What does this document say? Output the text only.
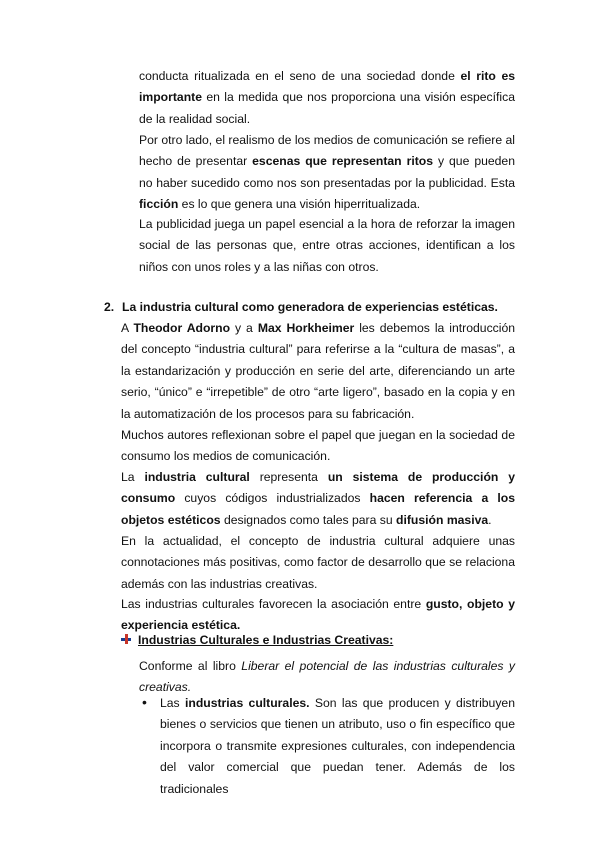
conducta ritualizada en el seno de una sociedad donde el rito es importante en la medida que nos proporciona una visión específica de la realidad social.

Por otro lado, el realismo de los medios de comunicación se refiere al hecho de presentar escenas que representan ritos y que pueden no haber sucedido como nos son presentadas por la publicidad. Esta ficción es lo que genera una visión hiperritualizada.

La publicidad juega un papel esencial a la hora de reforzar la imagen social de las personas que, entre otras acciones, identifican a los niños con unos roles y a las niñas con otros.

2. La industria cultural como generadora de experiencias estéticas.

A Theodor Adorno y a Max Horkheimer les debemos la introducción del concepto “industria cultural” para referirse a la “cultura de masas”, a la estandarización y producción en serie del arte, diferenciando un arte serio, “único” e “irrepetible” de otro “arte ligero”, basado en la copia y en la automatización de los procesos para su fabricación.

Muchos autores reflexionan sobre el papel que juegan en la sociedad de consumo los medios de comunicación.

La industria cultural representa un sistema de producción y consumo cuyos códigos industrializados hacen referencia a los objetos estéticos designados como tales para su difusión masiva.

En la actualidad, el concepto de industria cultural adquiere unas connotaciones más positivas, como factor de desarrollo que se relaciona además con las industrias creativas.

Las industrias culturales favorecen la asociación entre gusto, objeto y experiencia estética.

Industrias Culturales e Industrias Creativas:

Conforme al libro Liberar el potencial de las industrias culturales y creativas.

• Las industrias culturales. Son las que producen y distribuyen bienes o servicios que tienen un atributo, uso o fin específico que incorpora o transmite expresiones culturales, con independencia del valor comercial que puedan tener. Además de los tradicionales
